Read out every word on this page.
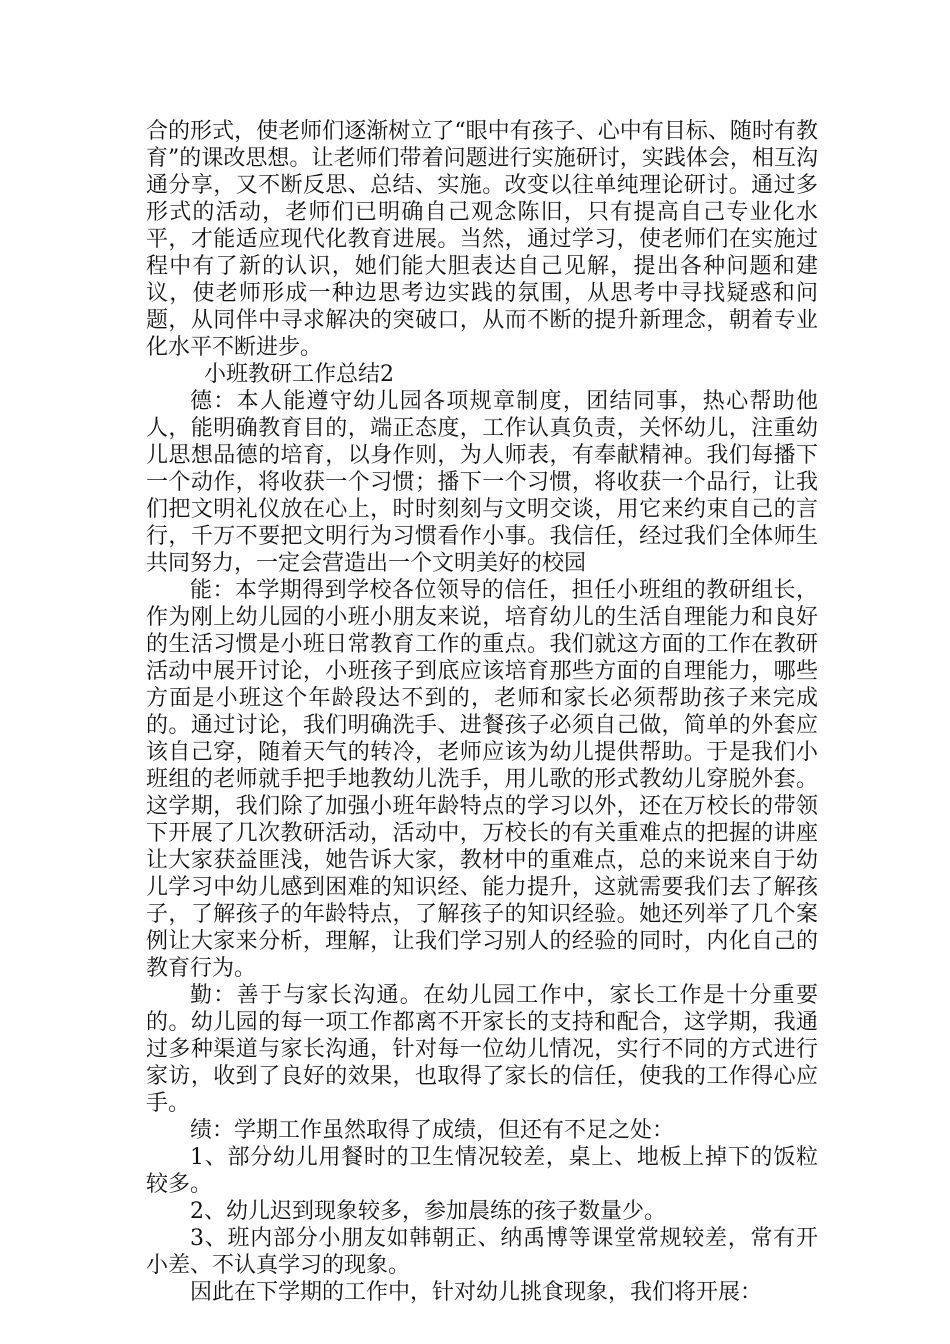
合的形式，使老师们逐渐树立了“眼中有孩子、心中有目标、随时有教育”的课改思想。让老师们带着问题进行实施研讨，实践体会，相互沟通分享，又不断反思、总结、实施。改变以往单纯理论研讨。通过多形式的活动，老师们已明确自己观念陈旧，只有提高自己专业化水平，才能适应现代化教育进展。当然，通过学习，使老师们在实施过程中有了新的认识，她们能大胆表达自己见解，提出各种问题和建议，使老师形成一种边思考边实践的氛围，从思考中寻找疑惑和问题，从同伴中寻求解决的突破口，从而不断的提升新理念，朝着专业化水平不断进步。

小班教研工作总结2

德：本人能遵守幼儿园各项规章制度，团结同事，热心帮助他人，能明确教育目的，端正态度，工作认真负责，关怀幼儿，注重幼儿思想品德的培育，以身作则，为人师表，有奉献精神。我们每播下一个动作，将收获一个习惯；播下一个习惯，将收获一个品行，让我们把文明礼仪放在心上，时时刻刻与文明交谈，用它来约束自己的言行，千万不要把文明行为习惯看作小事。我信任，经过我们全体师生共同努力，一定会营造出一个文明美好的校园

能：本学期得到学校各位领导的信任，担任小班组的教研组长，作为刚上幼儿园的小班小朋友来说，培育幼儿的生活自理能力和良好的生活习惯是小班日常教育工作的重点。我们就这方面的工作在教研活动中展开讨论，小班孩子到底应该培育那些方面的自理能力，哪些方面是小班这个年龄段达不到的，老师和家长必须帮助孩子来完成的。通过讨论，我们明确洗手、进餐孩子必须自己做，简单的外套应该自己穿，随着天气的转冷，老师应该为幼儿提供帮助。于是我们小班组的老师就手把手地教幼儿洗手，用儿歌的形式教幼儿穿脱外套。这学期，我们除了加强小班年龄特点的学习以外，还在万校长的带领下开展了几次教研活动，活动中，万校长的有关重难点的把握的讲座让大家获益匪浅，她告诉大家，教材中的重难点，总的来说来自于幼儿学习中幼儿感到困难的知识经、能力提升，这就需要我们去了解孩子，了解孩子的年龄特点，了解孩子的知识经验。她还列举了几个案例让大家来分析，理解，让我们学习别人的经验的同时，内化自己的教育行为。

勤：善于与家长沟通。在幼儿园工作中，家长工作是十分重要的。幼儿园的每一项工作都离不开家长的支持和配合，这学期，我通过多种渠道与家长沟通，针对每一位幼儿情况，实行不同的方式进行家访，收到了良好的效果，也取得了家长的信任，使我的工作得心应手。

绩：学期工作虽然取得了成绩，但还有不足之处：

1、部分幼儿用餐时的卫生情况较差，桌上、地板上掉下的饭粒较多。

2、幼儿迟到现象较多，参加晨练的孩子数量少。

3、班内部分小朋友如韩朝正、纳禹博等课堂常规较差，常有开小差、不认真学习的现象。

因此在下学期的工作中，针对幼儿挑食现象，我们将开展：
